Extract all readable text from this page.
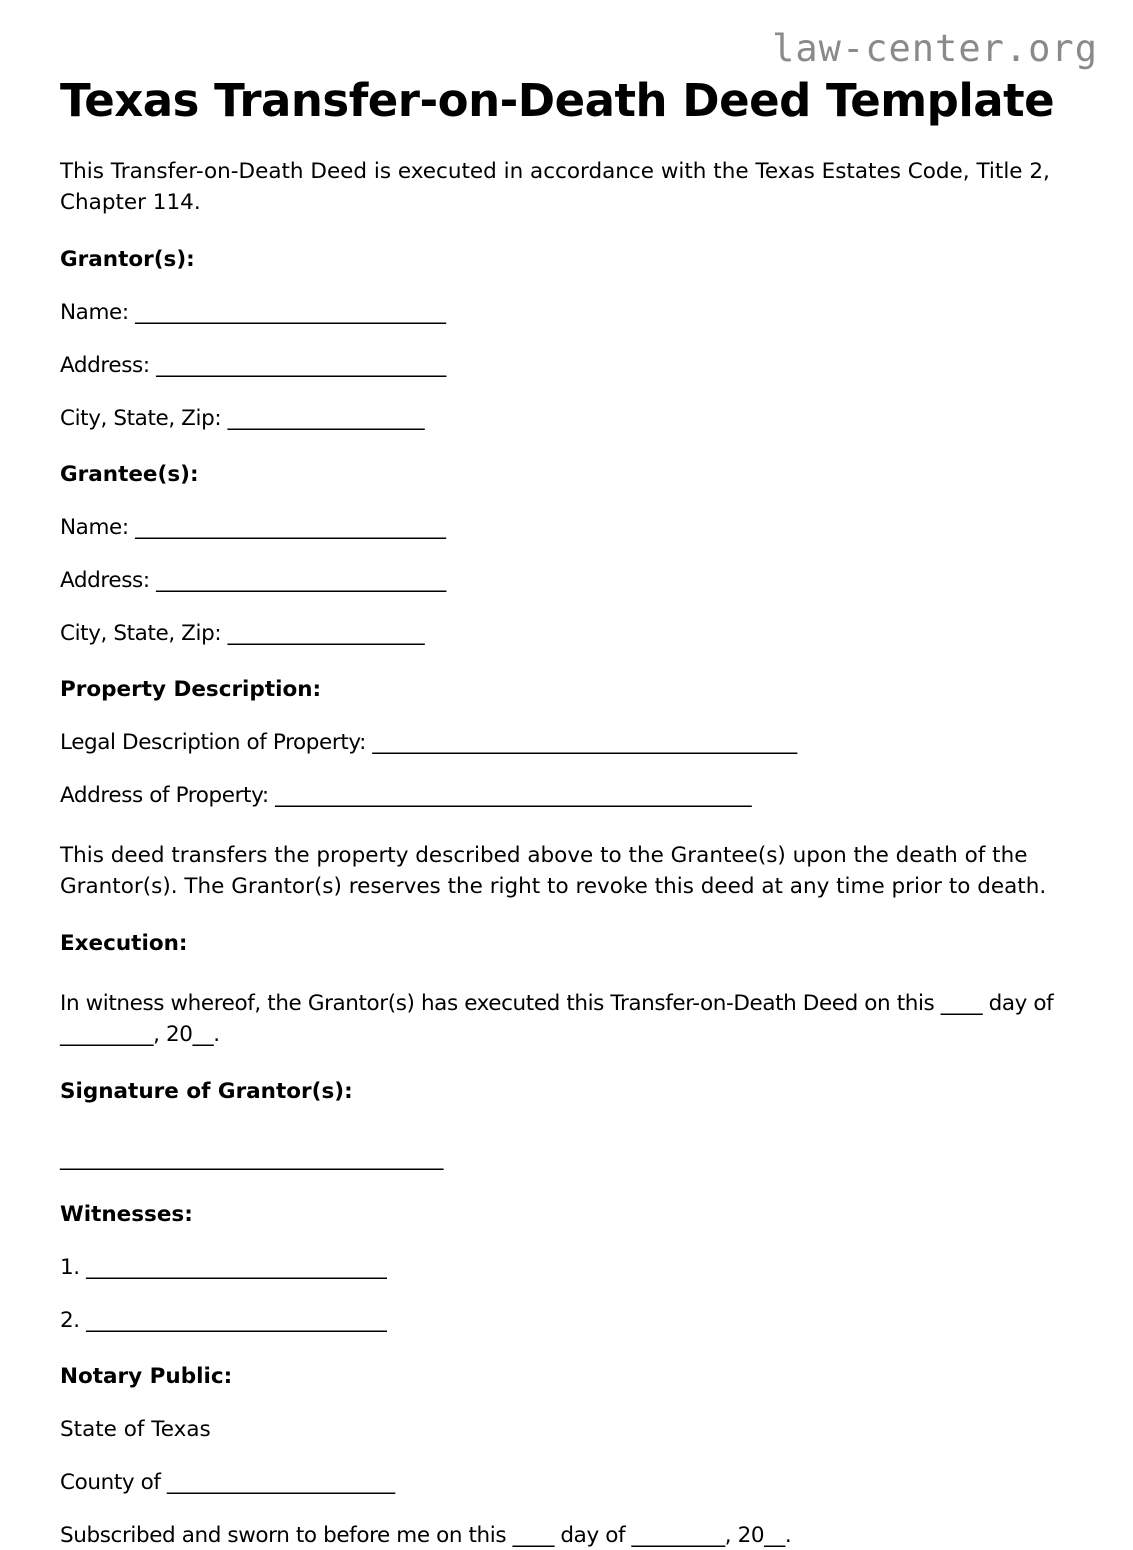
law-center.org
Texas Transfer-on-Death Deed Template

This Transfer-on-Death Deed is executed in accordance with the Texas Estates Code, Title 2, Chapter 114.

Grantor(s):

Name: ______________________________

Address: ____________________________

City, State, Zip: ___________________

Grantee(s):

Name: ______________________________

Address: ____________________________

City, State, Zip: ___________________

Property Description:

Legal Description of Property: _________________________________________

Address of Property: ______________________________________________

This deed transfers the property described above to the Grantee(s) upon the death of the Grantor(s). The Grantor(s) reserves the right to revoke this deed at any time prior to death.

Execution:

In witness whereof, the Grantor(s) has executed this Transfer-on-Death Deed on this ____ day of _________, 20__.

Signature of Grantor(s):

_____________________________________

Witnesses:

1. _____________________________

2. _____________________________

Notary Public:

State of Texas

County of ______________________

Subscribed and sworn to before me on this ____ day of _________, 20__.
